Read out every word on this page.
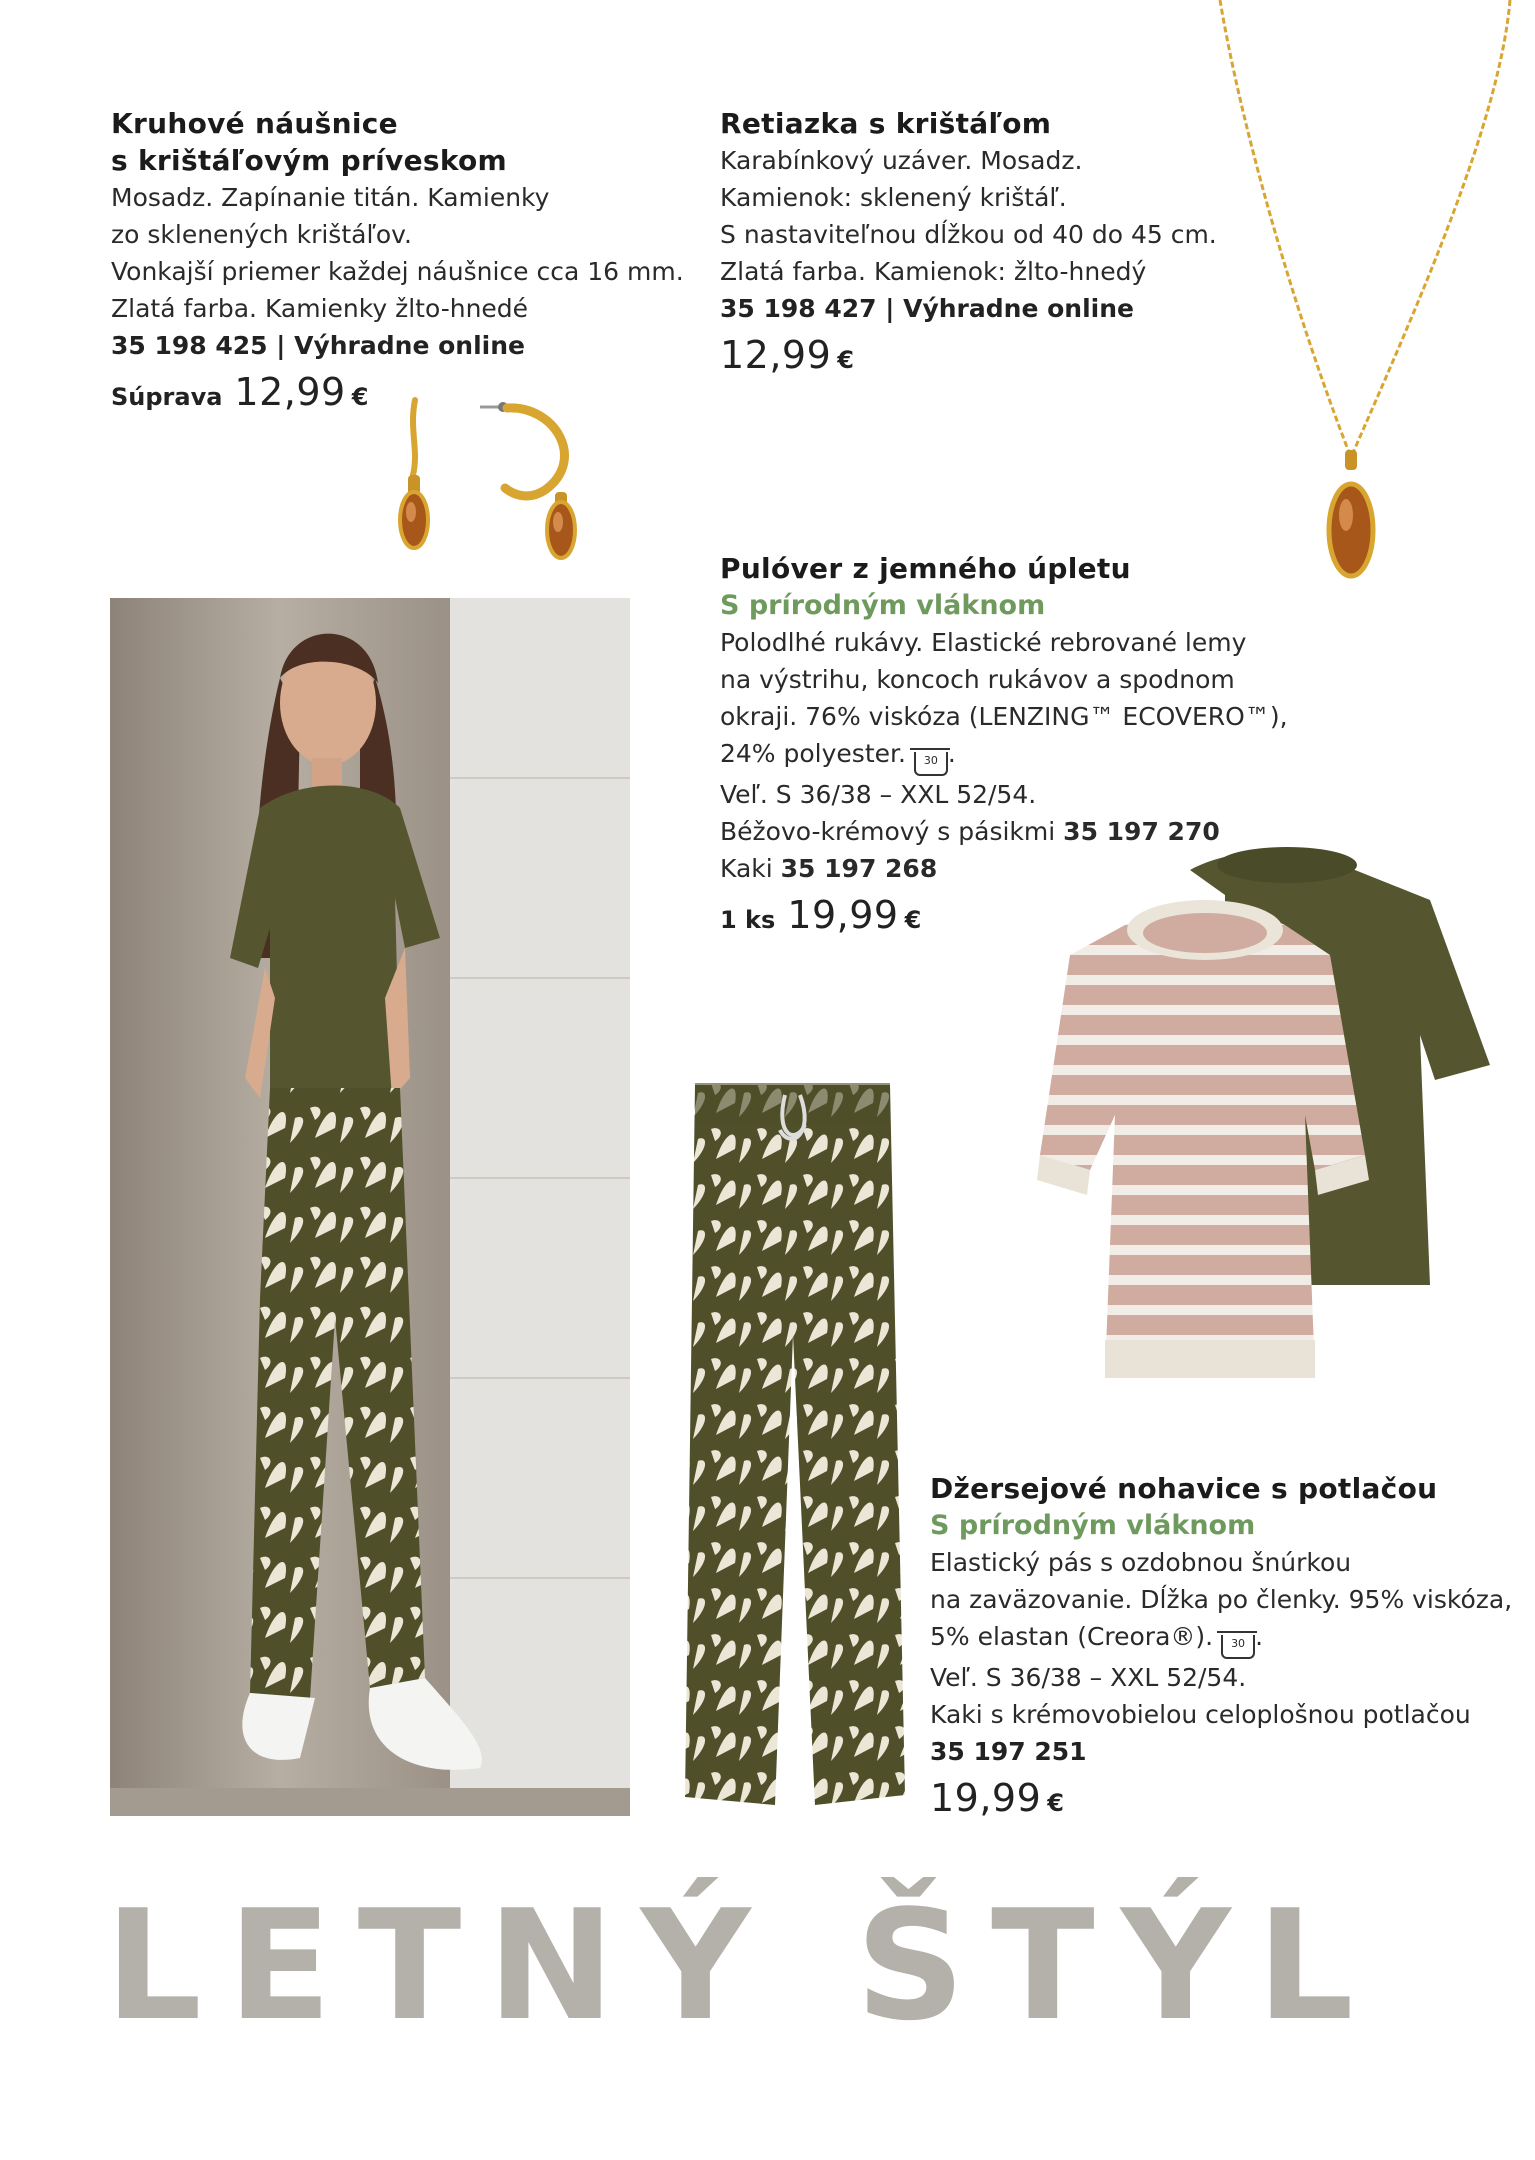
Kruhové náušnice
s krištáľovým príveskom
Mosadz. Zapínanie titán. Kamienky
zo sklenených krištáľov.
Vonkajší priemer každej náušnice cca 16 mm.
Zlatá farba. Kamienky žlto-hnedé
35 198 425 | Výhradne online
Súprava 12,99 €
Retiazka s krištáľom
Karabínkový uzáver. Mosadz.
Kamienok: sklenený krištáľ.
S nastaviteľnou dĺžkou od 40 do 45 cm.
Zlatá farba. Kamienok: žlto-hnedý
35 198 427 | Výhradne online
12,99 €
Pulóver z jemného úpletu
S prírodným vláknom
Polodlhé rukávy. Elastické rebrované lemy
na výstrihu, koncoch rukávov a spodnom
okraji. 76% viskóza (LENZING™ ECOVERO™),
24% polyester. 30 .
Veľ. S 36/38 – XXL 52/54.
Béžovo-krémový s pásikmi 35 197 270
Kaki 35 197 268
1 ks 19,99 €
Džersejové nohavice s potlačou
S prírodným vláknom
Elastický pás s ozdobnou šnúrkou
na zaväzovanie. Dĺžka po členky. 95% viskóza,
5% elastan (Creora®). 30 .
Veľ. S 36/38 – XXL 52/54.
Kaki s krémovobielou celoplošnou potlačou
35 197 251
19,99 €
LETNÝ ŠTÝL
